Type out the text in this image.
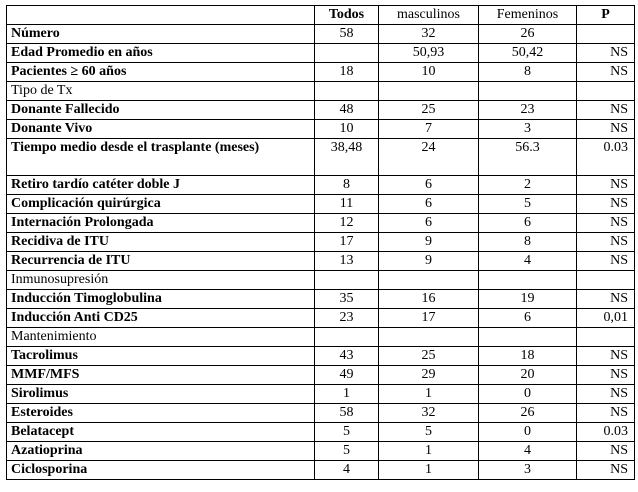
	Todos	masculinos	Femeninos	P
Número	58	32	26	
Edad Promedio en años		50,93	50,42	NS
Pacientes ≥ 60 años	18	10	8	NS
Tipo de Tx				
Donante Fallecido	48	25	23	NS
Donante Vivo	10	7	3	NS
Tiempo medio desde el trasplante (meses)	38,48	24	56.3	0.03
Retiro tardío catéter doble J	8	6	2	NS
Complicación quirúrgica	11	6	5	NS
Internación Prolongada	12	6	6	NS
Recidiva de ITU	17	9	8	NS
Recurrencia de ITU	13	9	4	NS
Inmunosupresión				
Inducción Timoglobulina	35	16	19	NS
Inducción Anti CD25	23	17	6	0,01
Mantenimiento				
Tacrolimus	43	25	18	NS
MMF/MFS	49	29	20	NS
Sirolimus	1	1	0	NS
Esteroides	58	32	26	NS
Belatacept	5	5	0	0.03
Azatioprina	5	1	4	NS
Ciclosporina	4	1	3	NS
